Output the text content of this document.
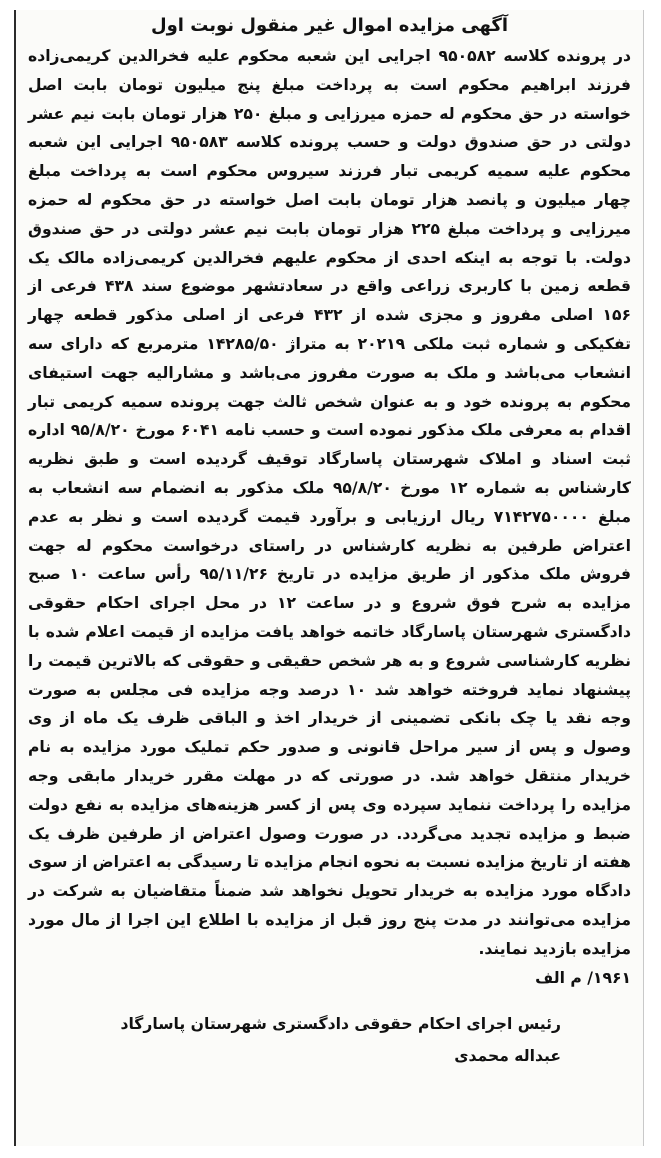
آگهی مزایده اموال غیر منقول نوبت اول

در پرونده کلاسه ۹۵۰۵۸۲ اجرایی این شعبه محکوم علیه فخرالدین کریمی‌زاده فرزند ابراهیم محکوم است به پرداخت مبلغ پنج میلیون تومان بابت اصل خواسته در حق محکوم له حمزه میرزایی و مبلغ ۲۵۰ هزار تومان بابت نیم عشر دولتی در حق صندوق دولت و حسب پرونده کلاسه ۹۵۰۵۸۳ اجرایی این شعبه محکوم علیه سمیه کریمی تبار فرزند سیروس محکوم است به پرداخت مبلغ چهار میلیون و پانصد هزار تومان بابت اصل خواسته در حق محکوم له حمزه میرزایی و پرداخت مبلغ ۲۲۵ هزار تومان بابت نیم عشر دولتی در حق صندوق دولت. با توجه به اینکه احدی از محکوم علیهم فخرالدین کریمی‌زاده مالک یک قطعه زمین با کاربری زراعی واقع در سعادتشهر موضوع سند ۴۳۸ فرعی از ۱۵۶ اصلی مفروز و مجزی شده از ۴۳۲ فرعی از اصلی مذکور قطعه چهار تفکیکی و شماره ثبت ملکی ۲۰۲۱۹ به متراژ ۱۴۲۸۵/۵۰ مترمربع که دارای سه انشعاب می‌باشد و ملک به صورت مفروز می‌باشد و مشارالیه جهت استیفای محکوم به پرونده خود و به عنوان شخص ثالث جهت پرونده سمیه کریمی تبار اقدام به معرفی ملک مذکور نموده است و حسب نامه ۶۰۴۱ مورخ ۹۵/۸/۲۰ اداره ثبت اسناد و املاک شهرستان پاسارگاد توقیف گردیده است و طبق نظریه کارشناس به شماره ۱۲ مورخ ۹۵/۸/۲۰ ملک مذکور به انضمام سه انشعاب به مبلغ ۷۱۴۲۷۵۰۰۰۰ ریال ارزیابی و برآورد قیمت گردیده است و نظر به عدم اعتراض طرفین به نظریه کارشناس در راستای درخواست محکوم له جهت فروش ملک مذکور از طریق مزایده در تاریخ ۹۵/۱۱/۲۶ رأس ساعت ۱۰ صبح مزایده به شرح فوق شروع و در ساعت ۱۲ در محل اجرای احکام حقوقی دادگستری شهرستان پاسارگاد خاتمه خواهد یافت مزایده از قیمت اعلام شده با نظریه کارشناسی شروع و به هر شخص حقیقی و حقوقی که بالاترین قیمت را پیشنهاد نماید فروخته خواهد شد ۱۰ درصد وجه مزایده فی مجلس به صورت وجه نقد یا چک بانکی تضمینی از خریدار اخذ و الباقی ظرف یک ماه از وی وصول و پس از سیر مراحل قانونی و صدور حکم تملیک مورد مزایده به نام خریدار منتقل خواهد شد. در صورتی که در مهلت مقرر خریدار مابقی وجه مزایده را پرداخت ننماید سپرده وی پس از کسر هزینه‌های مزایده به نفع دولت ضبط و مزایده تجدید می‌گردد. در صورت وصول اعتراض از طرفین ظرف یک هفته از تاریخ مزایده نسبت به نحوه انجام مزایده تا رسیدگی به اعتراض از سوی دادگاه مورد مزایده به خریدار تحویل نخواهد شد ضمناً متقاضیان به شرکت در مزایده می‌توانند در مدت پنج روز قبل از مزایده با اطلاع این اجرا از مال مورد مزایده بازدید نمایند.

۱۹۶۱/ م الف

رئیس اجرای احکام حقوقی دادگستری شهرستان پاسارگاد
عبداله محمدی
